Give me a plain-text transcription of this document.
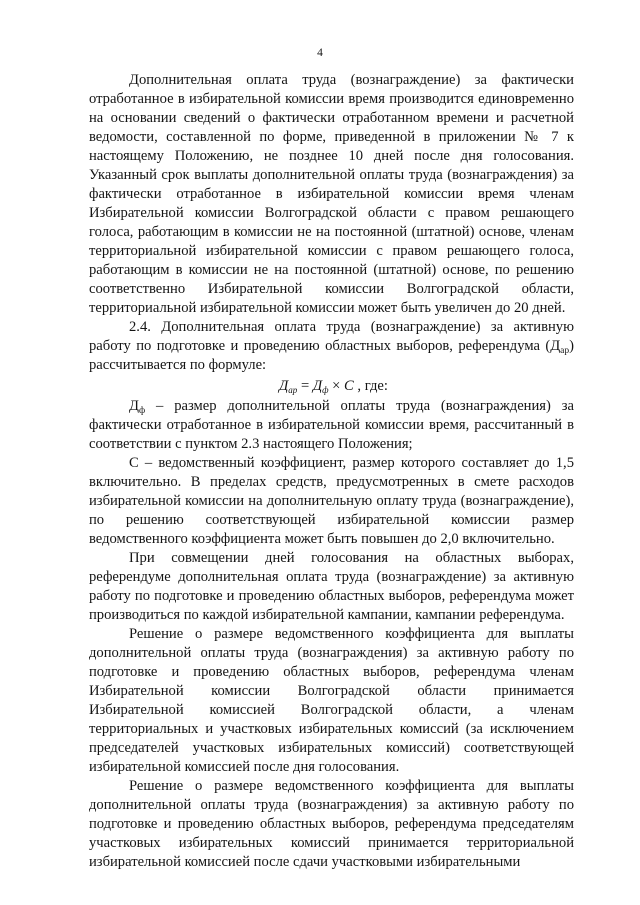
4

Дополнительная оплата труда (вознаграждение) за фактически отработанное в избирательной комиссии время производится единовременно на основании сведений о фактически отработанном времени и расчетной ведомости, составленной по форме, приведенной в приложении № 7 к настоящему Положению, не позднее 10 дней после дня голосования. Указанный срок выплаты дополнительной оплаты труда (вознаграждения) за фактически отработанное в избирательной комиссии время членам Избирательной комиссии Волгоградской области с правом решающего голоса, работающим в комиссии не на постоянной (штатной) основе, членам территориальной избирательной комиссии с правом решающего голоса, работающим в комиссии не на постоянной (штатной) основе, по решению соответственно Избирательной комиссии Волгоградской области, территориальной избирательной комиссии может быть увеличен до 20 дней.

2.4. Дополнительная оплата труда (вознаграждение) за активную работу по подготовке и проведению областных выборов, референдума $(Д_{ар})$ рассчитывается по формуле:

$Д_{ар} = Д_ф \times С$ , где:

$Д_ф$ – размер дополнительной оплаты труда (вознаграждения) за фактически отработанное в избирательной комиссии время, рассчитанный в соответствии с пунктом 2.3 настоящего Положения;

С – ведомственный коэффициент, размер которого составляет до 1,5 включительно. В пределах средств, предусмотренных в смете расходов избирательной комиссии на дополнительную оплату труда (вознаграждение), по решению соответствующей избирательной комиссии размер ведомственного коэффициента может быть повышен до 2,0 включительно.

При совмещении дней голосования на областных выборах, референдуме дополнительная оплата труда (вознаграждение) за активную работу по подготовке и проведению областных выборов, референдума может производиться по каждой избирательной кампании, кампании референдума.

Решение о размере ведомственного коэффициента для выплаты дополнительной оплаты труда (вознаграждения) за активную работу по подготовке и проведению областных выборов, референдума членам Избирательной комиссии Волгоградской области принимается Избирательной комиссией Волгоградской области, а членам территориальных и участковых избирательных комиссий (за исключением председателей участковых избирательных комиссий) соответствующей избирательной комиссией после дня голосования.

Решение о размере ведомственного коэффициента для выплаты дополнительной оплаты труда (вознаграждения) за активную работу по подготовке и проведению областных выборов, референдума председателям участковых избирательных комиссий принимается территориальной избирательной комиссией после сдачи участковыми избирательными
